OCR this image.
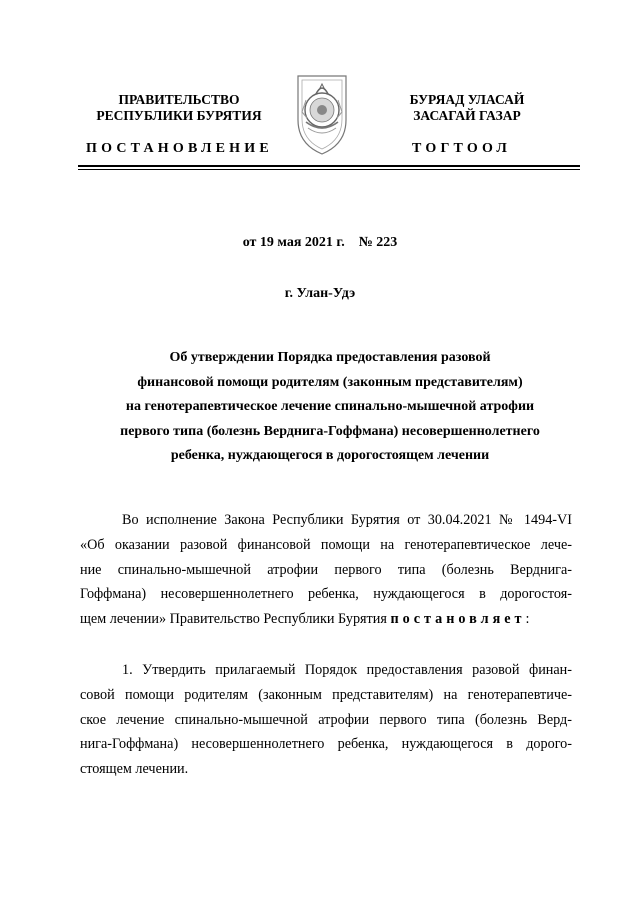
ПРАВИТЕЛЬСТВО
РЕСПУБЛИКИ БУРЯТИЯ
БУРЯАД УЛАСАЙ
ЗАСАГАЙ ГАЗАР
ПОСТАНОВЛЕНИЕ	ТОГТООЛ
от 19 мая 2021 г.    № 223
г. Улан-Удэ
Об утверждении Порядка предоставления разовой
финансовой помощи родителям (законным представителям)
на генотерапевтическое лечение спинально-мышечной атрофии
первого типа (болезнь Верднига-Гоффмана) несовершеннолетнего
ребенка, нуждающегося в дорогостоящем лечении
Во исполнение Закона Республики Бурятия от 30.04.2021 № 1494-VI
«Об оказании разовой финансовой помощи на генотерапевтическое лече-
ние спинально-мышечной атрофии первого типа (болезнь Верднига-
Гоффмана) несовершеннолетнего ребенка, нуждающегося в дорогостоя-
щем лечении» Правительство Республики Бурятия постановляет:
1. Утвердить прилагаемый Порядок предоставления разовой финан-
совой помощи родителям (законным представителям) на генотерапевтиче-
ское лечение спинально-мышечной атрофии первого типа (болезнь Верд-
нига-Гоффмана) несовершеннолетнего ребенка, нуждающегося в дорого-
стоящем лечении.
